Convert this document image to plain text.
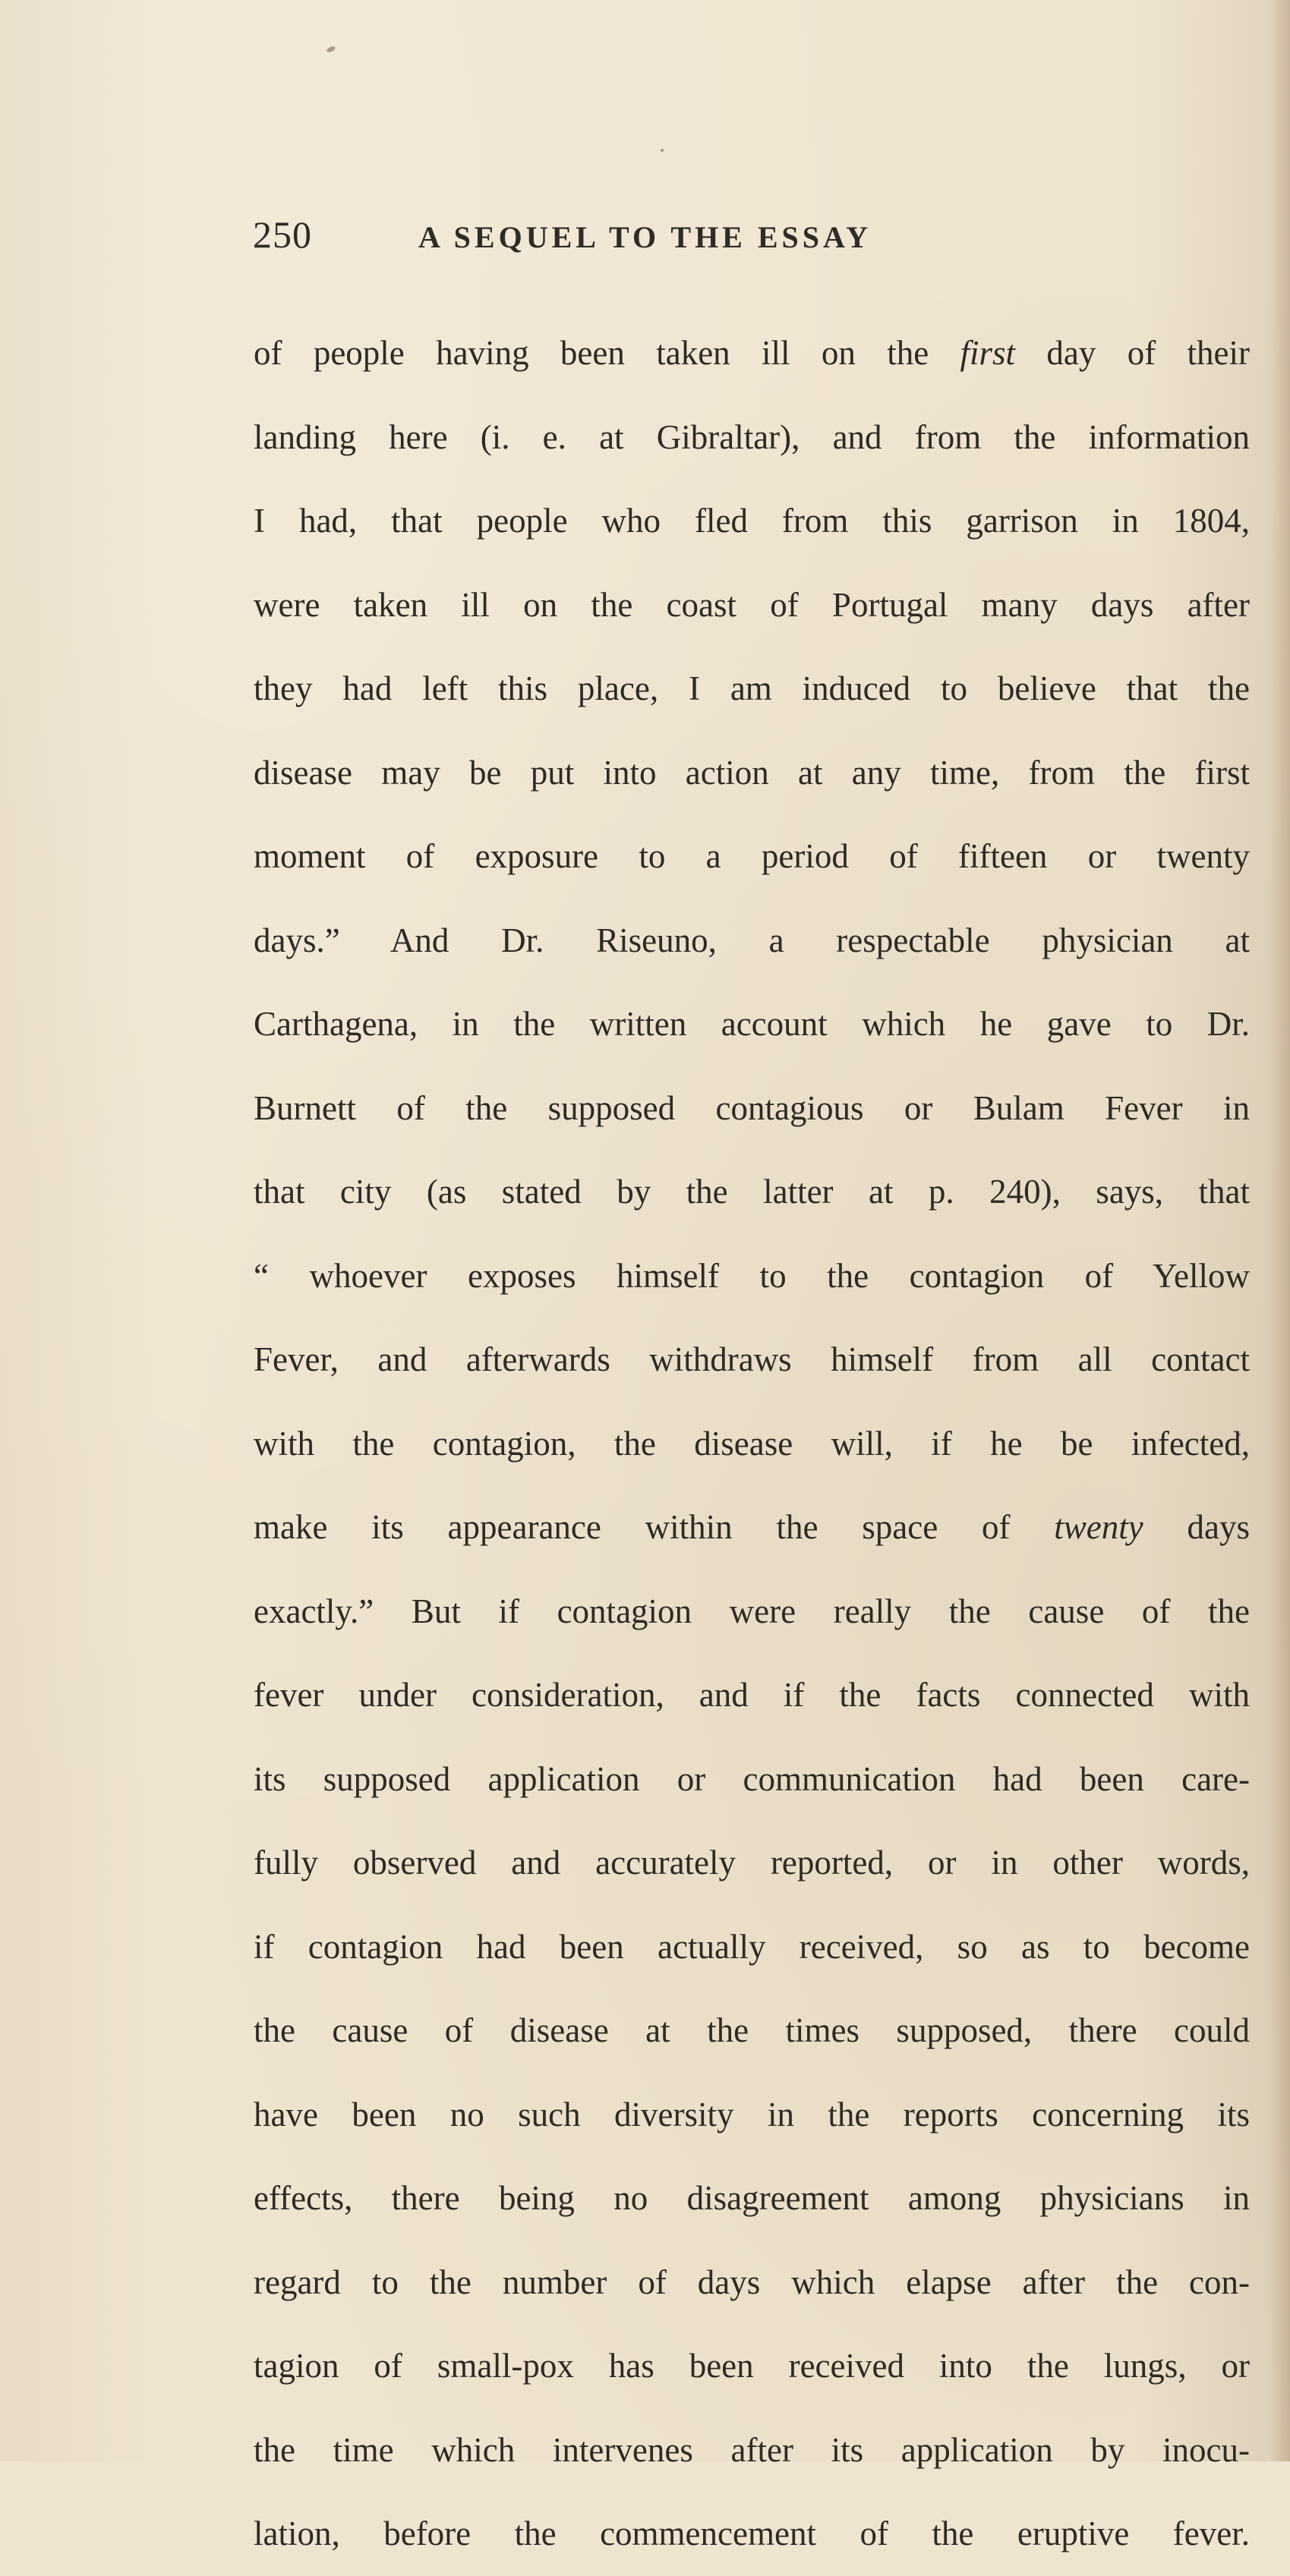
250	A SEQUEL TO THE ESSAY
of people having been taken ill on the first day of their
landing here (i. e. at Gibraltar), and from the information
I had, that people who fled from this garrison in 1804,
were taken ill on the coast of Portugal many days after
they had left this place, I am induced to believe that the
disease may be put into action at any time, from the first
moment of exposure to a period of fifteen or twenty
days.” And Dr. Riseuno, a respectable physician at
Carthagena, in the written account which he gave to Dr.
Burnett of the supposed contagious or Bulam Fever in
that city (as stated by the latter at p. 240), says, that
“ whoever exposes himself to the contagion of Yellow
Fever, and afterwards withdraws himself from all contact
with the contagion, the disease will, if he be infected,
make its appearance within the space of twenty days
exactly.” But if contagion were really the cause of the
fever under consideration, and if the facts connected with
its supposed application or communication had been care-
fully observed and accurately reported, or in other words,
if contagion had been actually received, so as to become
the cause of disease at the times supposed, there could
have been no such diversity in the reports concerning its
effects, there being no disagreement among physicians in
regard to the number of days which elapse after the con-
tagion of small-pox has been received into the lungs, or
the time which intervenes after its application by inocu-
lation, before the commencement of the eruptive fever.
